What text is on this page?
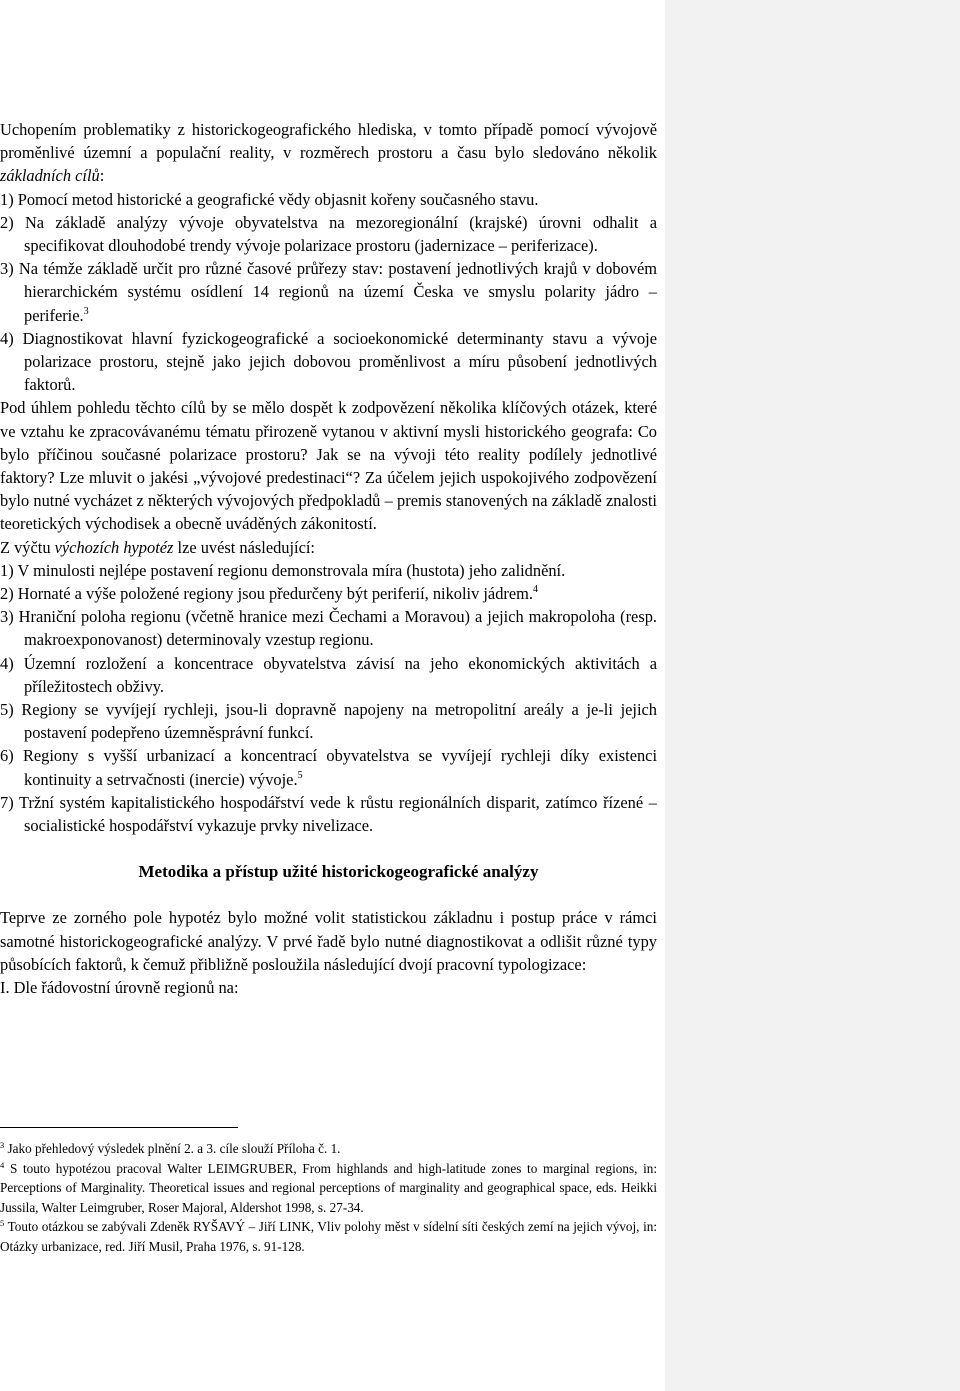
Uchopením problematiky z historickogeografického hlediska, v tomto případě pomocí vývojově proměnlivé územní a populační reality, v rozměrech prostoru a času bylo sledováno několik základních cílů:

1) Pomocí metod historické a geografické vědy objasnit kořeny současného stavu.

2) Na základě analýzy vývoje obyvatelstva na mezoregionální (krajské) úrovni odhalit a specifikovat dlouhodobé trendy vývoje polarizace prostoru (jadernizace – periferizace).

3) Na témže základě určit pro různé časové průřezy stav: postavení jednotlivých krajů v dobovém hierarchickém systému osídlení 14 regionů na území Česka ve smyslu polarity jádro – periferie.$^3$

4) Diagnostikovat hlavní fyzickogeografické a socioekonomické determinanty stavu a vývoje polarizace prostoru, stejně jako jejich dobovou proměnlivost a míru působení jednotlivých faktorů.

Pod úhlem pohledu těchto cílů by se mělo dospět k zodpovězení několika klíčových otázek, které ve vztahu ke zpracovávanému tématu přirozeně vytanou v aktivní mysli historického geografa: Co bylo příčinou současné polarizace prostoru? Jak se na vývoji této reality podílely jednotlivé faktory? Lze mluvit o jakési „vývojové predestinaci“? Za účelem jejich uspokojivého zodpovězení bylo nutné vycházet z některých vývojových předpokladů – premis stanovených na základě znalosti teoretických východisek a obecně uváděných zákonitostí.

Z výčtu výchozích hypotéz lze uvést následující:

1) V minulosti nejlépe postavení regionu demonstrovala míra (hustota) jeho zalidnění.

2) Hornaté a výše položené regiony jsou předurčeny být periferií, nikoliv jádrem.$^4$

3) Hraniční poloha regionu (včetně hranice mezi Čechami a Moravou) a jejich makropoloha (resp. makroexponovanost) determinovaly vzestup regionu.

4) Územní rozložení a koncentrace obyvatelstva závisí na jeho ekonomických aktivitách a příležitostech obživy.

5) Regiony se vyvíjejí rychleji, jsou-li dopravně napojeny na metropolitní areály a je-li jejich postavení podepřeno územněsprávní funkcí.

6) Regiony s vyšší urbanizací a koncentrací obyvatelstva se vyvíjejí rychleji díky existenci kontinuity a setrvačnosti (inercie) vývoje.$^5$

7) Tržní systém kapitalistického hospodářství vede k růstu regionálních disparit, zatímco řízené – socialistické hospodářství vykazuje prvky nivelizace.

Metodika a přístup užité historickogeografické analýzy

Teprve ze zorného pole hypotéz bylo možné volit statistickou základnu i postup práce v rámci samotné historickogeografické analýzy. V prvé řadě bylo nutné diagnostikovat a odlišit různé typy působících faktorů, k čemuž přibližně posloužila následující dvojí pracovní typologizace:

I. Dle řádovostní úrovně regionů na:

$^3$ Jako přehledový výsledek plnění 2. a 3. cíle slouží Příloha č. 1.

$^4$ S touto hypotézou pracoval Walter LEIMGRUBER, From highlands and high-latitude zones to marginal regions, in: Perceptions of Marginality. Theoretical issues and regional perceptions of marginality and geographical space, eds. Heikki Jussila, Walter Leimgruber, Roser Majoral, Aldershot 1998, s. 27-34.

$^5$ Touto otázkou se zabývali Zdeněk RYŠAVÝ – Jiří LINK, Vliv polohy měst v sídelní síti českých zemí na jejich vývoj, in: Otázky urbanizace, red. Jiří Musil, Praha 1976, s. 91-128.
